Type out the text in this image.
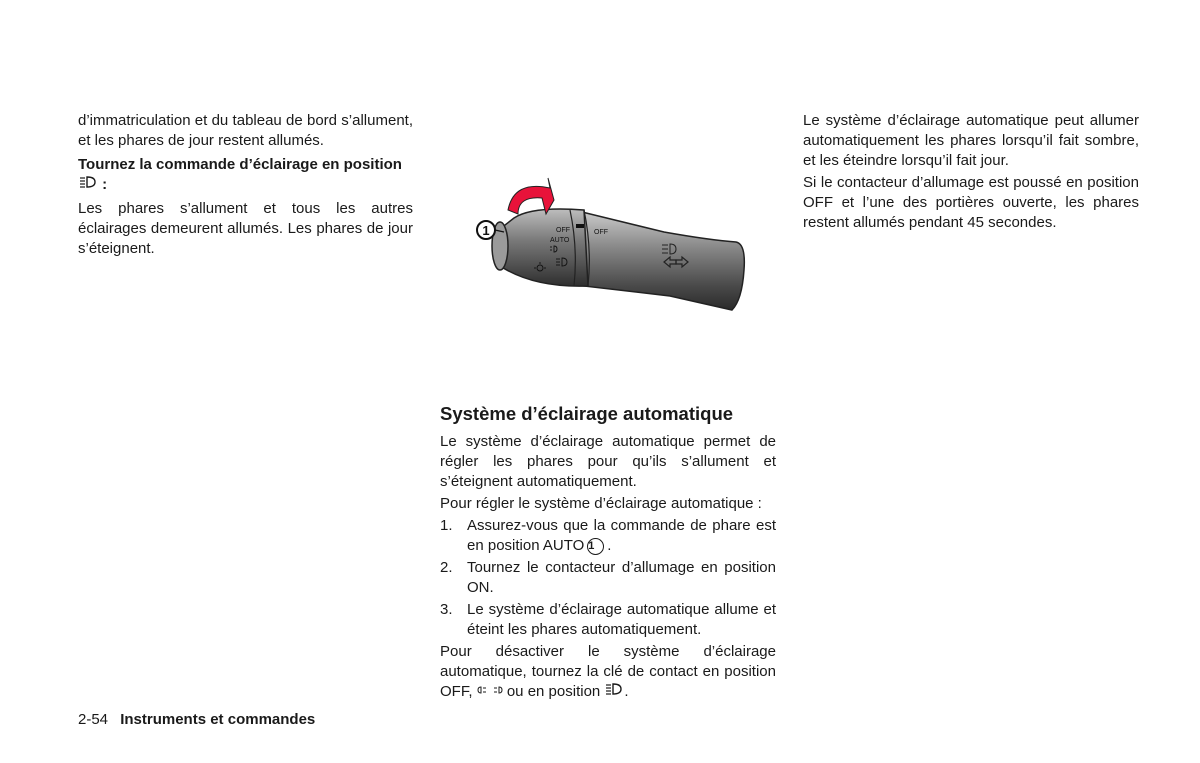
d’immatriculation et du tableau de bord s’allument, et les phares de jour restent allumés.

Tournez la commande d’éclairage en position  :

Les phares s’allument et tous les autres éclairages demeurent allumés. Les phares de jour s’éteignent.

OFF
AUTO
OFF
1
Système d’éclairage automatique

Le système d’éclairage automatique permet de régler les phares pour qu’ils s’allument et s’éteignent automatiquement.

Pour régler le système d’éclairage automatique :

1. Assurez-vous que la commande de phare est en position AUTO 1 .
2. Tournez le contacteur d’allumage en position ON.
3. Le système d’éclairage automatique allume et éteint les phares automatiquement.

Pour désactiver le système d’éclairage automatique, tournez la clé de contact en position OFF, ou en position .

Le système d’éclairage automatique peut allumer automatiquement les phares lorsqu’il fait sombre, et les éteindre lorsqu’il fait jour.

Si le contacteur d’allumage est poussé en position OFF et l’une des portières ouverte, les phares restent allumés pendant 45 secondes.

2-54 Instruments et commandes
